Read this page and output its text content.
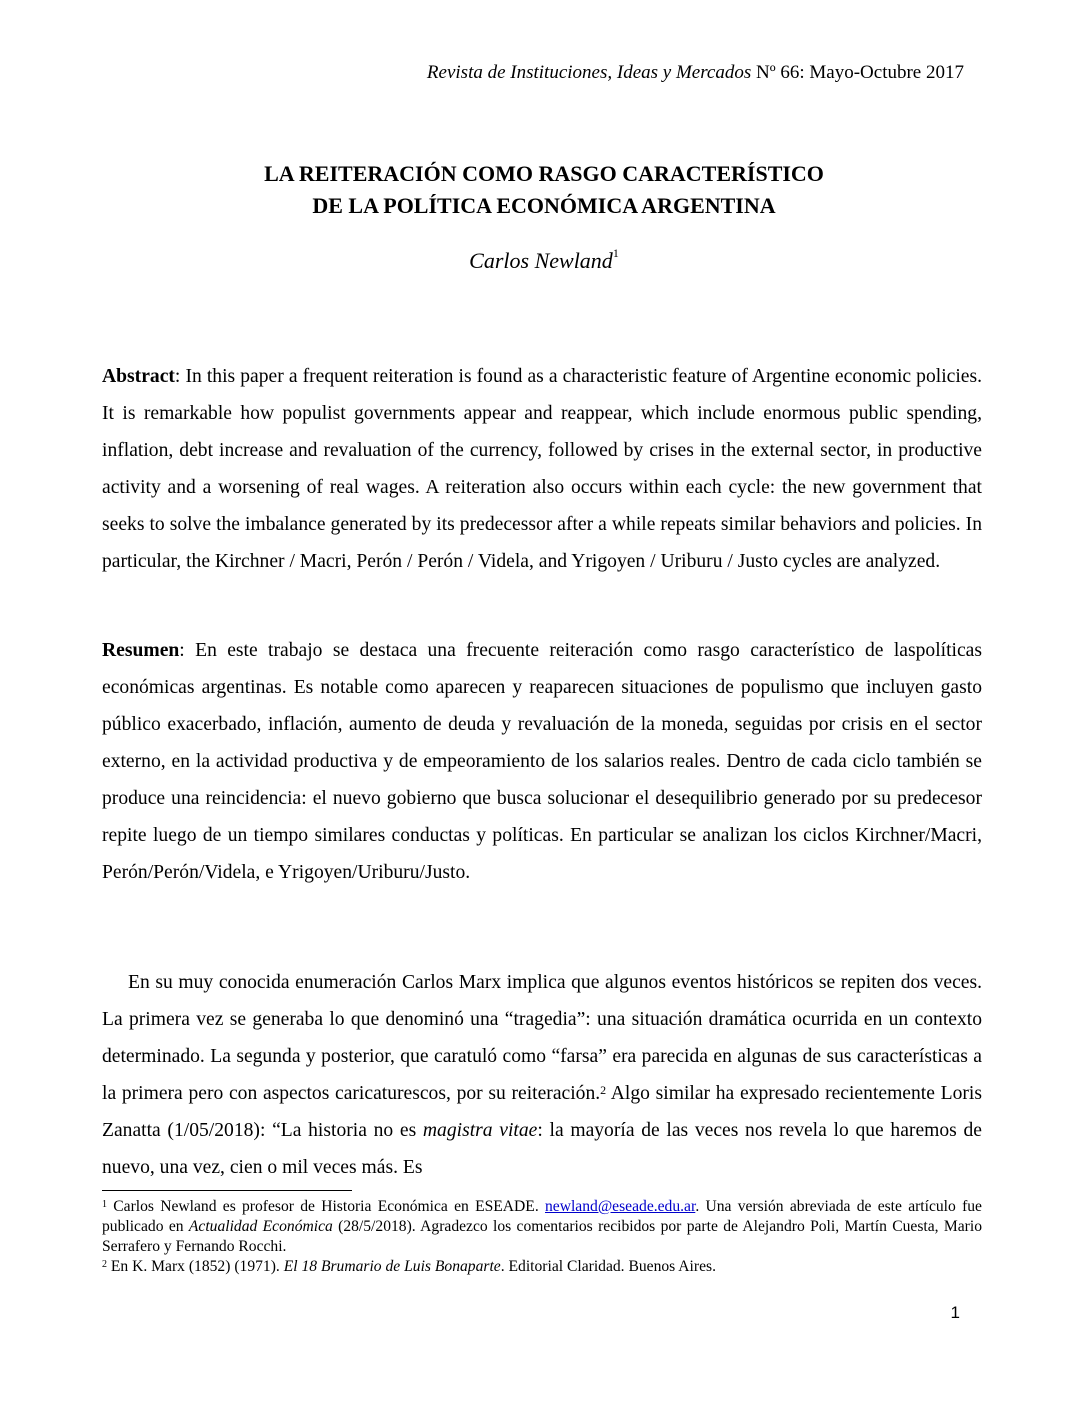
Revista de Instituciones, Ideas y Mercados Nº 66: Mayo-Octubre 2017
LA REITERACIÓN COMO RASGO CARACTERÍSTICO
DE LA POLÍTICA ECONÓMICA ARGENTINA
Carlos Newland$^1$
Abstract: In this paper a frequent reiteration is found as a characteristic feature of Argentine economic policies. It is remarkable how populist governments appear and reappear, which include enormous public spending, inflation, debt increase and revaluation of the currency, followed by crises in the external sector, in productive activity and a worsening of real wages. A reiteration also occurs within each cycle: the new government that seeks to solve the imbalance generated by its predecessor after a while repeats similar behaviors and policies. In particular, the Kirchner / Macri, Perón / Perón / Videla, and Yrigoyen / Uriburu / Justo cycles are analyzed.
Resumen: En este trabajo se destaca una frecuente reiteración como rasgo característico de laspolíticas económicas argentinas. Es notable como aparecen y reaparecen situaciones de populismo que incluyen gasto público exacerbado, inflación, aumento de deuda y revaluación de la moneda, seguidas por crisis en el sector externo, en la actividad productiva y de empeoramiento de los salarios reales. Dentro de cada ciclo también se produce una reincidencia: el nuevo gobierno que busca solucionar el desequilibrio generado por su predecesor repite luego de un tiempo similares conductas y políticas. En particular se analizan los ciclos Kirchner/Macri, Perón/Perón/Videla, e Yrigoyen/Uriburu/Justo.
En su muy conocida enumeración Carlos Marx implica que algunos eventos históricos se repiten dos veces. La primera vez se generaba lo que denominó una “tragedia”: una situación dramática ocurrida en un contexto determinado. La segunda y posterior, que caratuló como “farsa” era parecida en algunas de sus características a la primera pero con aspectos caricaturescos, por su reiteración.$^2$ Algo similar ha expresado recientemente Loris Zanatta (1/05/2018): “La historia no es magistra vitae: la mayoría de las veces nos revela lo que haremos de nuevo, una vez, cien o mil veces más. Es

$^1$ Carlos Newland es profesor de Historia Económica en ESEADE. newland@eseade.edu.ar. Una versión abreviada de este artículo fue publicado en Actualidad Económica (28/5/2018). Agradezco los comentarios recibidos por parte de Alejandro Poli, Martín Cuesta, Mario Serrafero y Fernando Rocchi.

$^2$ En K. Marx (1852) (1971). El 18 Brumario de Luis Bonaparte. Editorial Claridad. Buenos Aires.

1
